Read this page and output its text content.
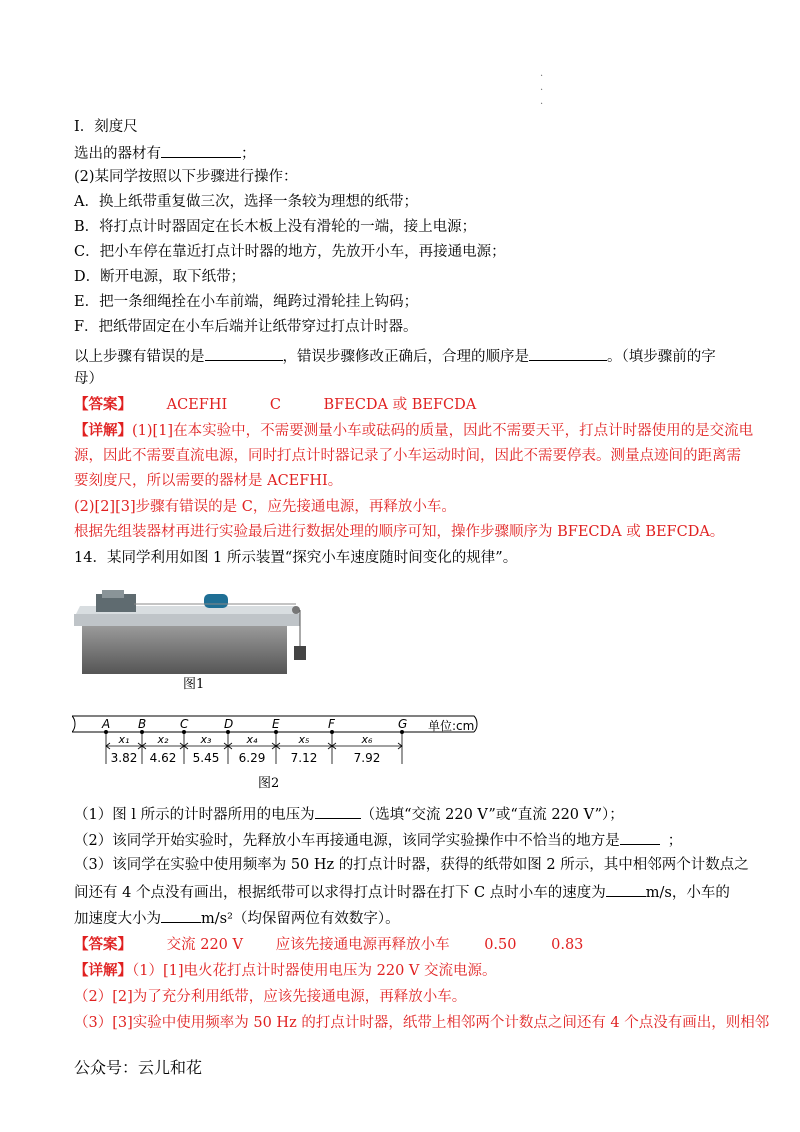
·
·
·
I．刻度尺
选出的器材有	；
(2)某同学按照以下步骤进行操作：
A．换上纸带重复做三次，选择一条较为理想的纸带；
B．将打点计时器固定在长木板上没有滑轮的一端，接上电源；
C．把小车停在靠近打点计时器的地方，先放开小车，再接通电源；
D．断开电源，取下纸带；
E．把一条细绳拴在小车前端，绳跨过滑轮挂上钩码；
F．把纸带固定在小车后端并让纸带穿过打点计时器。
以上步骤有错误的是	，错误步骤修改正确后，合理的顺序是	。（填步骤前的字
母）
【答案】 ACEFHI	C	BFECDA 或 BEFCDA
【详解】(1)[1]在本实验中，不需要测量小车或砝码的质量，因此不需要天平，打点计时器使用的是交流电
源，因此不需要直流电源，同时打点计时器记录了小车运动时间，因此不需要停表。测量点迹间的距离需
要刻度尺，所以需要的器材是 ACEFHI。
(2)[2][3]步骤有错误的是 C，应先接通电源，再释放小车。
根据先组装器材再进行实验最后进行数据处理的顺序可知，操作步骤顺序为 BFECDA 或 BEFCDA。
14．某同学利用如图 1 所示装置“探究小车速度随时间变化的规律”。
图1
单位:cm
A B	C	D	E	F	G
x₁
3.82
x₂
4.62
x₃
5.45
x₄
6.29
x₅
7.12
x₆
7.92
图2
（1）图 l 所示的计时器所用的电压为	（选填“交流 220 V”或“直流 220 V”）；
（2）该同学开始实验时，先释放小车再接通电源，该同学实验操作中不恰当的地方是	；
（3）该同学在实验中使用频率为 50 Hz 的打点计时器，获得的纸带如图 2 所示，其中相邻两个计数点之
间还有 4 个点没有画出，根据纸带可以求得打点计时器在打下 C 点时小车的速度为	m/s，小车的
加速度大小为	m/s²（均保留两位有效数字）。
【答案】 交流 220 V 应该先接通电源再释放小车 0.50 0.83
【详解】（1）[1]电火花打点计时器使用电压为 220 V 交流电源。
（2）[2]为了充分利用纸带，应该先接通电源，再释放小车。
（3）[3]实验中使用频率为 50 Hz 的打点计时器，纸带上相邻两个计数点之间还有 4 个点没有画出，则相邻
公众号：云儿和花
